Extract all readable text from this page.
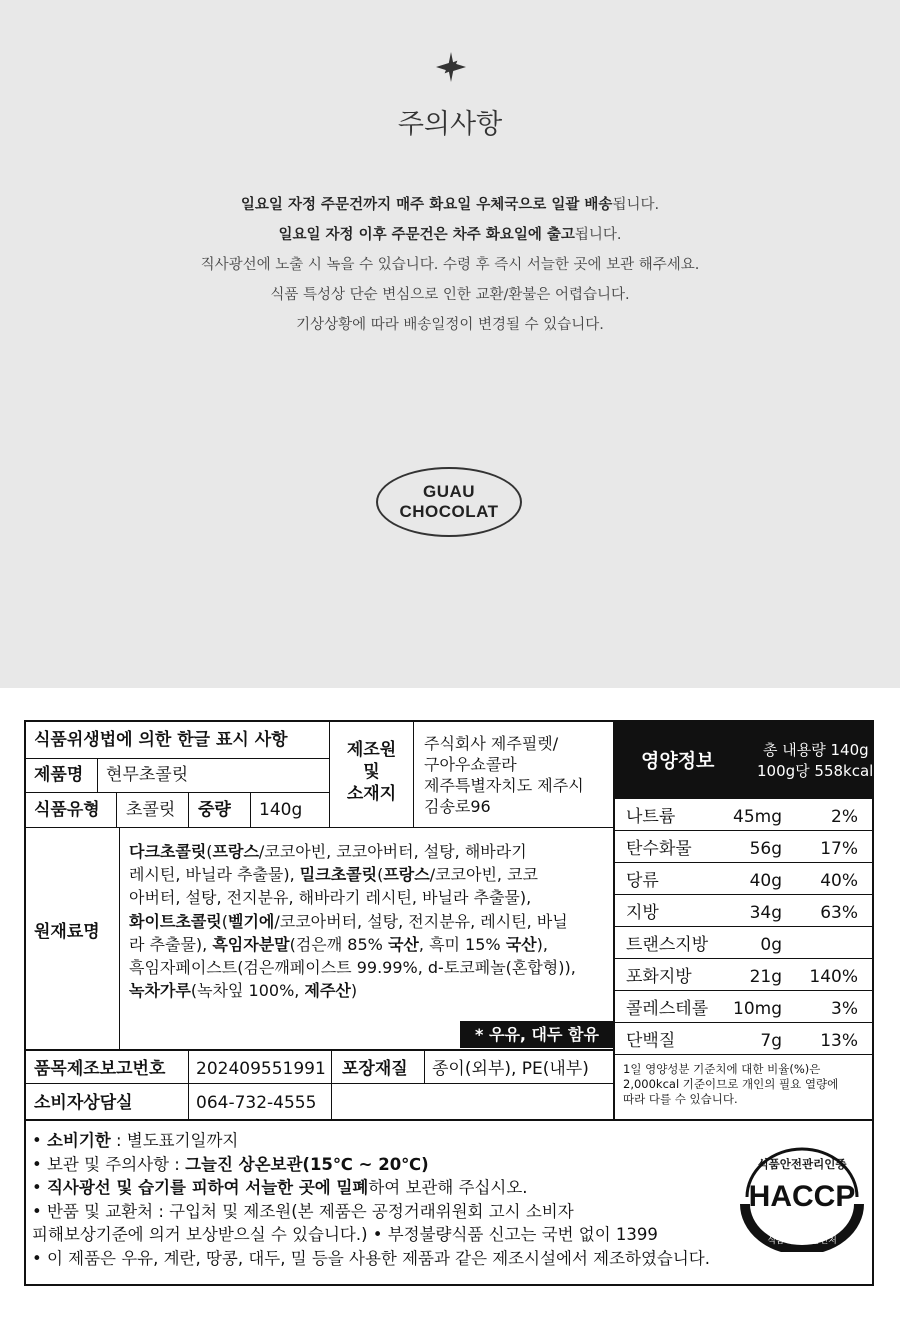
주의사항
일요일 자정 주문건까지 매주 화요일 우체국으로 일괄 배송됩니다.
일요일 자정 이후 주문건은 차주 화요일에 출고됩니다.
직사광선에 노출 시 녹을 수 있습니다. 수령 후 즉시 서늘한 곳에 보관 해주세요.
식품 특성상 단순 변심으로 인한 교환/환불은 어렵습니다.
기상상황에 따라 배송일정이 변경될 수 있습니다.
GUAU
CHOCOLAT
식품위생법에 의한 한글 표시 사항
제품명 현무초콜릿
식품유형 초콜릿 중량 140g
제조원
및
소재지
주식회사 제주필렛/
구아우쇼콜라
제주특별자치도 제주시
김송로96
원재료명
다크초콜릿(프랑스/코코아빈, 코코아버터, 설탕, 해바라기
레시틴, 바닐라 추출물), 밀크초콜릿(프랑스/코코아빈, 코코
아버터, 설탕, 전지분유, 해바라기 레시틴, 바닐라 추출물),
화이트초콜릿(벨기에/코코아버터, 설탕, 전지분유, 레시틴, 바닐
라 추출물), 흑임자분말(검은깨 85% 국산, 흑미 15% 국산),
흑임자페이스트(검은깨페이스트 99.99%, d-토코페놀(혼합형)),
녹차가루(녹차잎 100%, 제주산)
* 우유, 대두 함유
품목제조보고번호 202409551991 포장재질 종이(외부), PE(내부)
소비자상담실	064-732-4555
영양정보	총 내용량 140g
100g당 558kcal
나트륨	45mg	2%
탄수화물	56g	17%
당류	40g	40%
지방	34g	63%
트랜스지방	0g
포화지방	21g	140%
콜레스테롤	10mg	3%
단백질	7g	13%
1일 영양성분 기준치에 대한 비율(%)은
2,000kcal 기준이므로 개인의 필요 열량에
따라 다를 수 있습니다.
• 소비기한 : 별도표기일까지
• 보관 및 주의사항 : 그늘진 상온보관(15℃ ~ 20℃)
• 직사광선 및 습기를 피하여 서늘한 곳에 밀폐하여 보관해 주십시오.
• 반품 및 교환처 : 구입처 및 제조원(본 제품은 공정거래위원회 고시 소비자
피해보상기준에 의거 보상받으실 수 있습니다.) • 부정불량식품 신고는 국번 없이 1399
• 이 제품은 우유, 계란, 땅콩, 대두, 밀 등을 사용한 제품과 같은 제조시설에서 제조하였습니다.
식품안전관리인증
HACCP
식품의약품안전처
